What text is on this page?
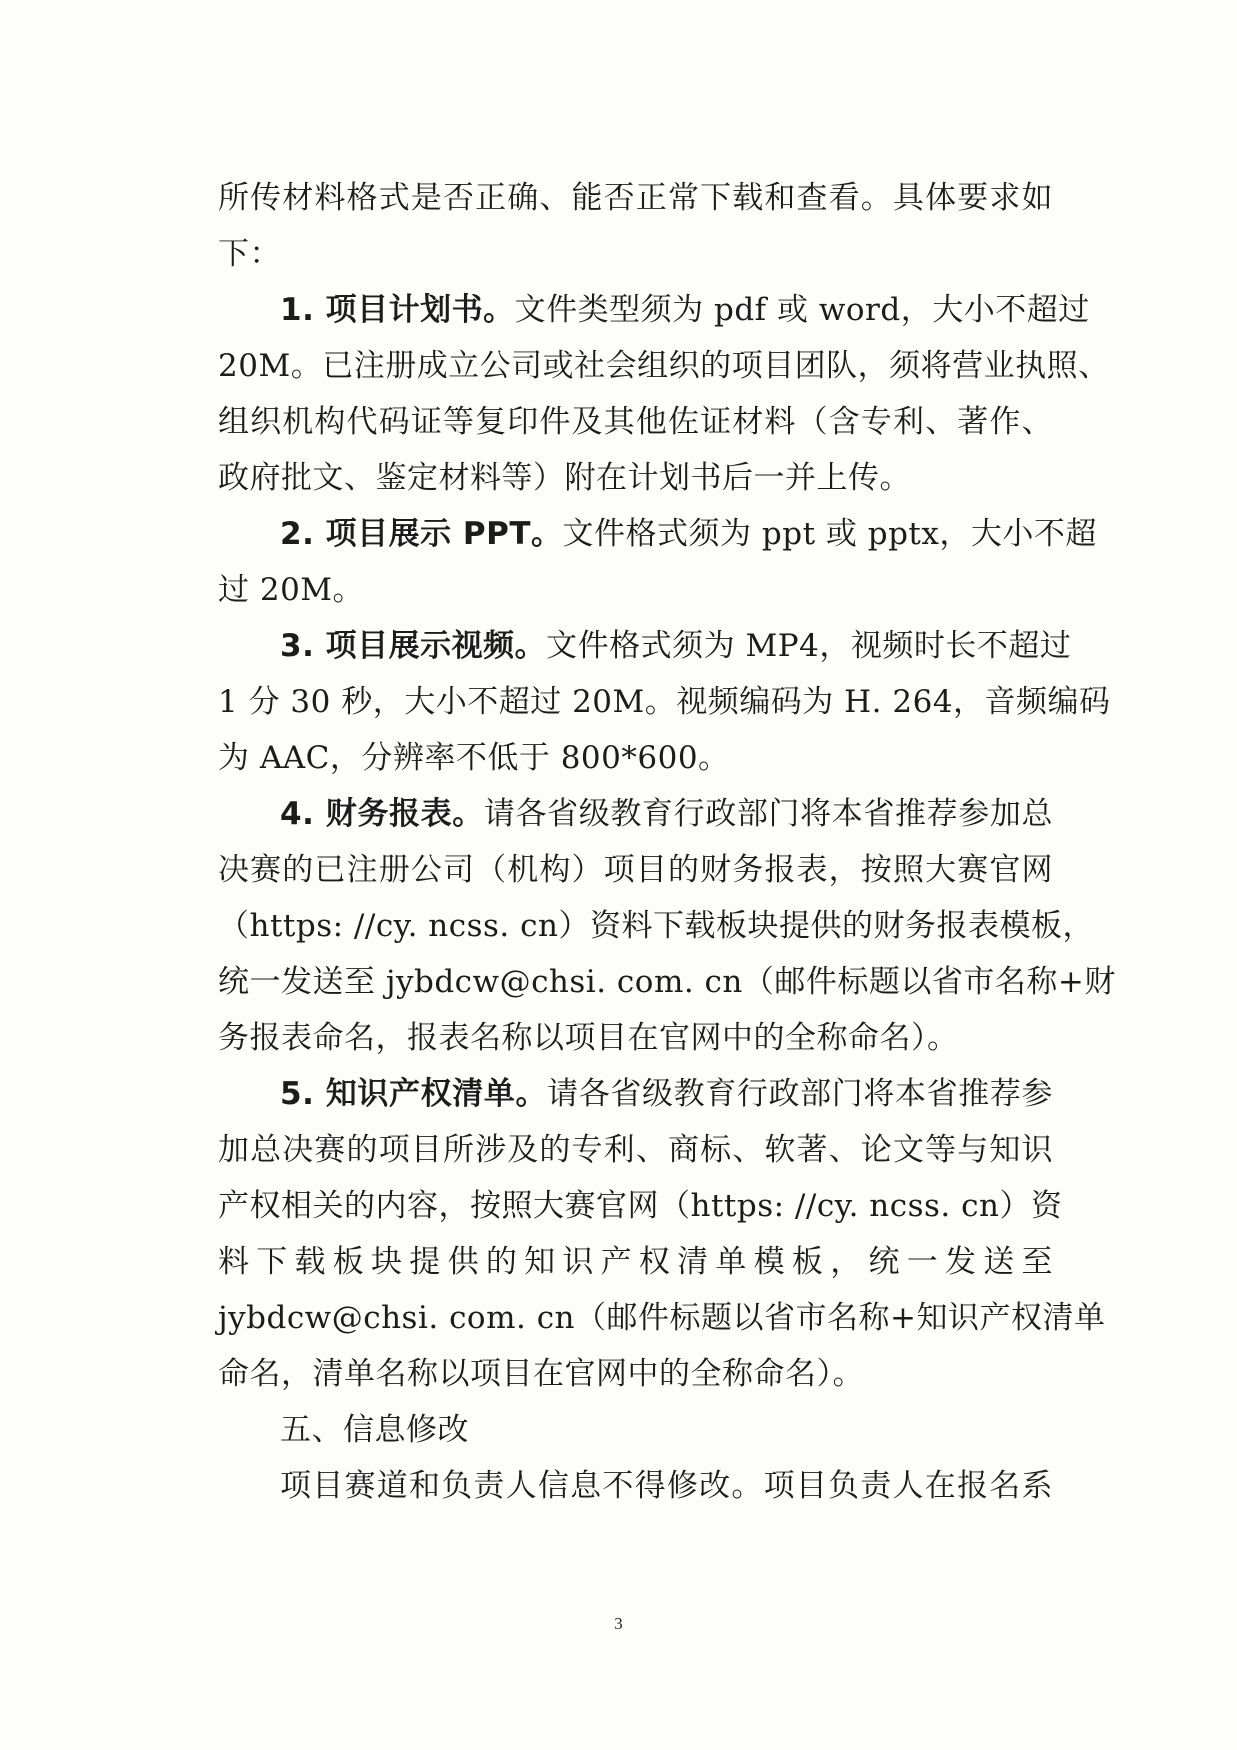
所传材料格式是否正确、能否正常下载和查看。具体要求如
下：
1. 项目计划书。文件类型须为 pdf 或 word，大小不超过
20M。已注册成立公司或社会组织的项目团队，须将营业执照、
组织机构代码证等复印件及其他佐证材料（含专利、著作、
政府批文、鉴定材料等）附在计划书后一并上传。
2. 项目展示 PPT。文件格式须为 ppt 或 pptx，大小不超
过 20M。
3. 项目展示视频。文件格式须为 MP4，视频时长不超过
1 分 30 秒，大小不超过 20M。视频编码为 H. 264，音频编码
为 AAC，分辨率不低于 800*600。
4. 财务报表。请各省级教育行政部门将本省推荐参加总
决赛的已注册公司（机构）项目的财务报表，按照大赛官网
（https: //cy. ncss. cn）资料下载板块提供的财务报表模板，
统一发送至 jybdcw@chsi. com. cn（邮件标题以省市名称+财
务报表命名，报表名称以项目在官网中的全称命名）。
5. 知识产权清单。请各省级教育行政部门将本省推荐参
加总决赛的项目所涉及的专利、商标、软著、论文等与知识
产权相关的内容，按照大赛官网（https: //cy. ncss. cn）资
料下载板块提供的知识产权清单模板，统一发送至
jybdcw@chsi. com. cn（邮件标题以省市名称+知识产权清单
命名，清单名称以项目在官网中的全称命名）。
五、信息修改
项目赛道和负责人信息不得修改。项目负责人在报名系
3
